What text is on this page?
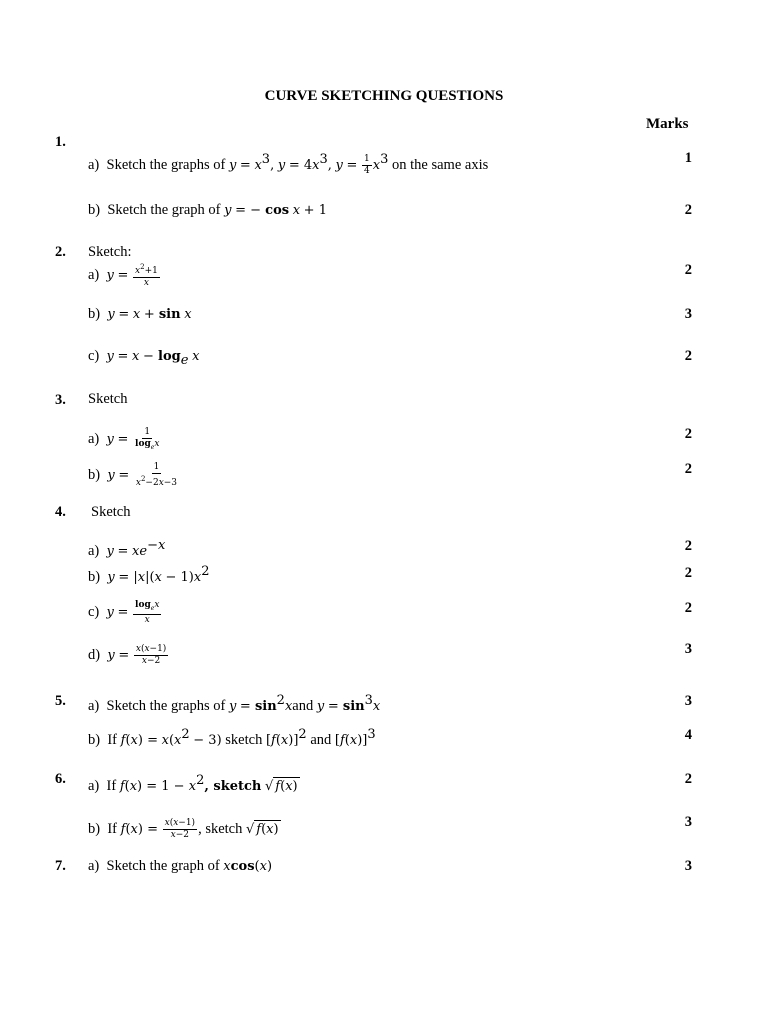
CURVE SKETCHING QUESTIONS
Marks
1.
a) Sketch the graphs of $y = x^3$, $y = 4x^3$, $y = \frac{1}{4} x^3$ on the same axis	1
b) Sketch the graph of y = − cos x + 1	2
2. Sketch:
a) $y = \frac{x^2+1}{x}$	2
b) y = x + sin x	3
c) $y = x - \log_e x$	2
3. Sketch
a) $y = \frac{1}{\log_ex}$	2
b) $y = \frac{1}{x^2-2x-3}$	2
4. Sketch
a) $y = xe^{-x}$	2
b) $y = |x|(x - 1)x^2$	2
c) $y = \frac{\log_ex}{x}$	2
d) $y = \frac{x(x-1)}{x-2}$	3
5. a) Sketch the graphs of $y = \sin^2xand$ $y = \sin^3x$	3
b) If $f(x) = x(x^2 - 3)$ sketch $[f(x)]^2$ and $[f(x)]^3$	4
6. a) If $f(x) = 1 - x^2$, sketch √ f(x)	2
b) If $f(x) = \frac{x(x-1)}{x-2}$ , sketch √ f(x)	3
7. a) Sketch the graph of xcos(x)	3
